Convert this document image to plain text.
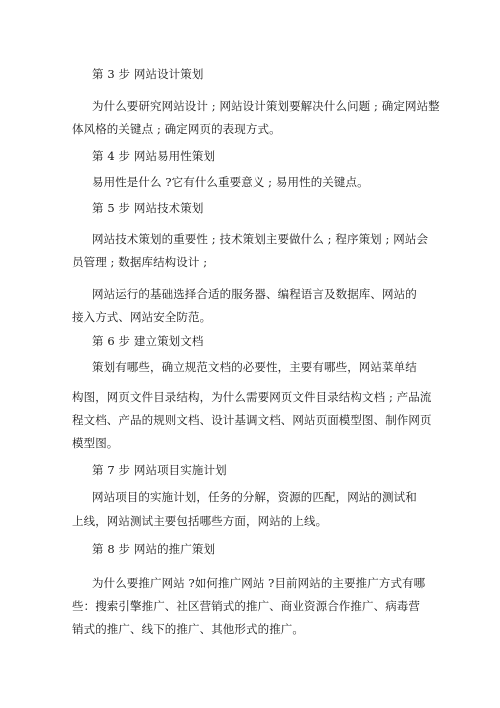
第 3 步 网站设计策划
为什么要研究网站设计 ; 网站设计策划要解决什么问题 ; 确定网站整
体风格的关键点 ; 确定网页的表现方式。
第 4 步 网站易用性策划
易用性是什么 ?它有什么重要意义 ; 易用性的关键点。
第 5 步 网站技术策划
网站技术策划的重要性 ; 技术策划主要做什么 ; 程序策划 ; 网站会
员管理 ; 数据库结构设计 ;
网站运行的基础选择合适的服务器、编程语言及数据库、网站的
接入方式、网站安全防范。
第 6 步 建立策划文档
策划有哪些，确立规范文档的必要性，主要有哪些，网站菜单结
构图，网页文件目录结构，为什么需要网页文件目录结构文档 ; 产品流
程文档、产品的规则文档、设计基调文档、网站页面模型图、制作网页
模型图。
第 7 步 网站项目实施计划
网站项目的实施计划，任务的分解，资源的匹配，网站的测试和
上线，网站测试主要包括哪些方面，网站的上线。
第 8 步 网站的推广策划
为什么要推广网站 ?如何推广网站 ?目前网站的主要推广方式有哪
些：搜索引擎推广、社区营销式的推广、商业资源合作推广、病毒营
销式的推广、线下的推广、其他形式的推广。
